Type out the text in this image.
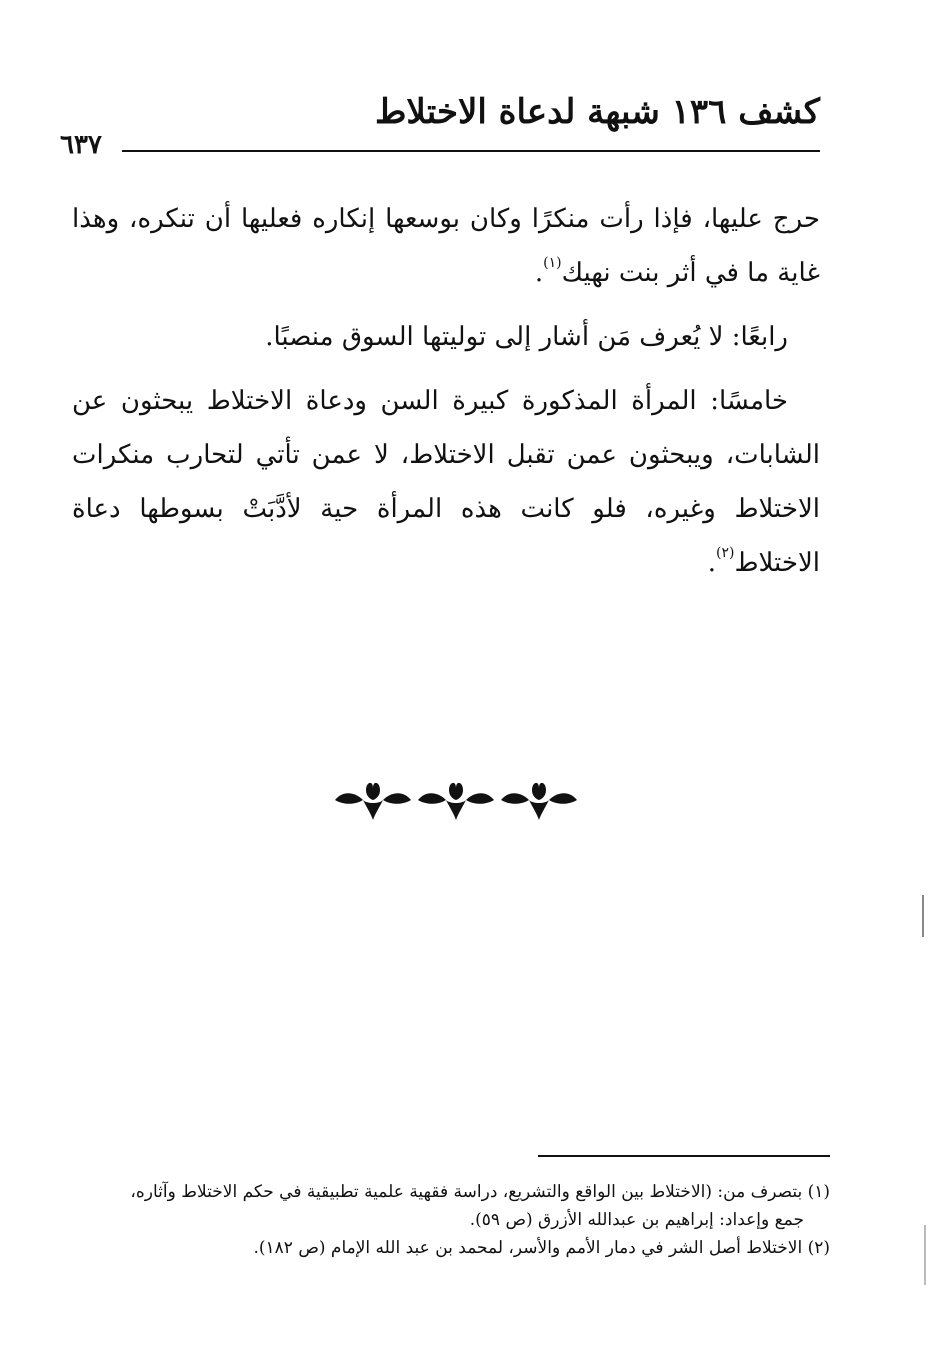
كشف ١٣٦ شبهة لدعاة الاختلاط
٦٣٧

حرج عليها، فإذا رأت منكرًا وكان بوسعها إنكاره فعليها أن تنكره، وهذا غاية ما في أثر بنت نهيك$^{(١)}$.

رابعًا: لا يُعرف مَن أشار إلى توليتها السوق منصبًا.

خامسًا: المرأة المذكورة كبيرة السن ودعاة الاختلاط يبحثون عن الشابات، ويبحثون عمن تقبل الاختلاط، لا عمن تأتي لتحارب منكرات الاختلاط وغيره، فلو كانت هذه المرأة حية لأدَّبَتْ بسوطها دعاة الاختلاط$^{(٢)}$.

(١) بتصرف من: (الاختلاط بين الواقع والتشريع، دراسة فقهية علمية تطبيقية في حكم الاختلاط وآثاره،

جمع وإعداد: إبراهيم بن عبدالله الأزرق (ص ٥٩).

(٢) الاختلاط أصل الشر في دمار الأمم والأسر، لمحمد بن عبد الله الإمام (ص ١٨٢).
